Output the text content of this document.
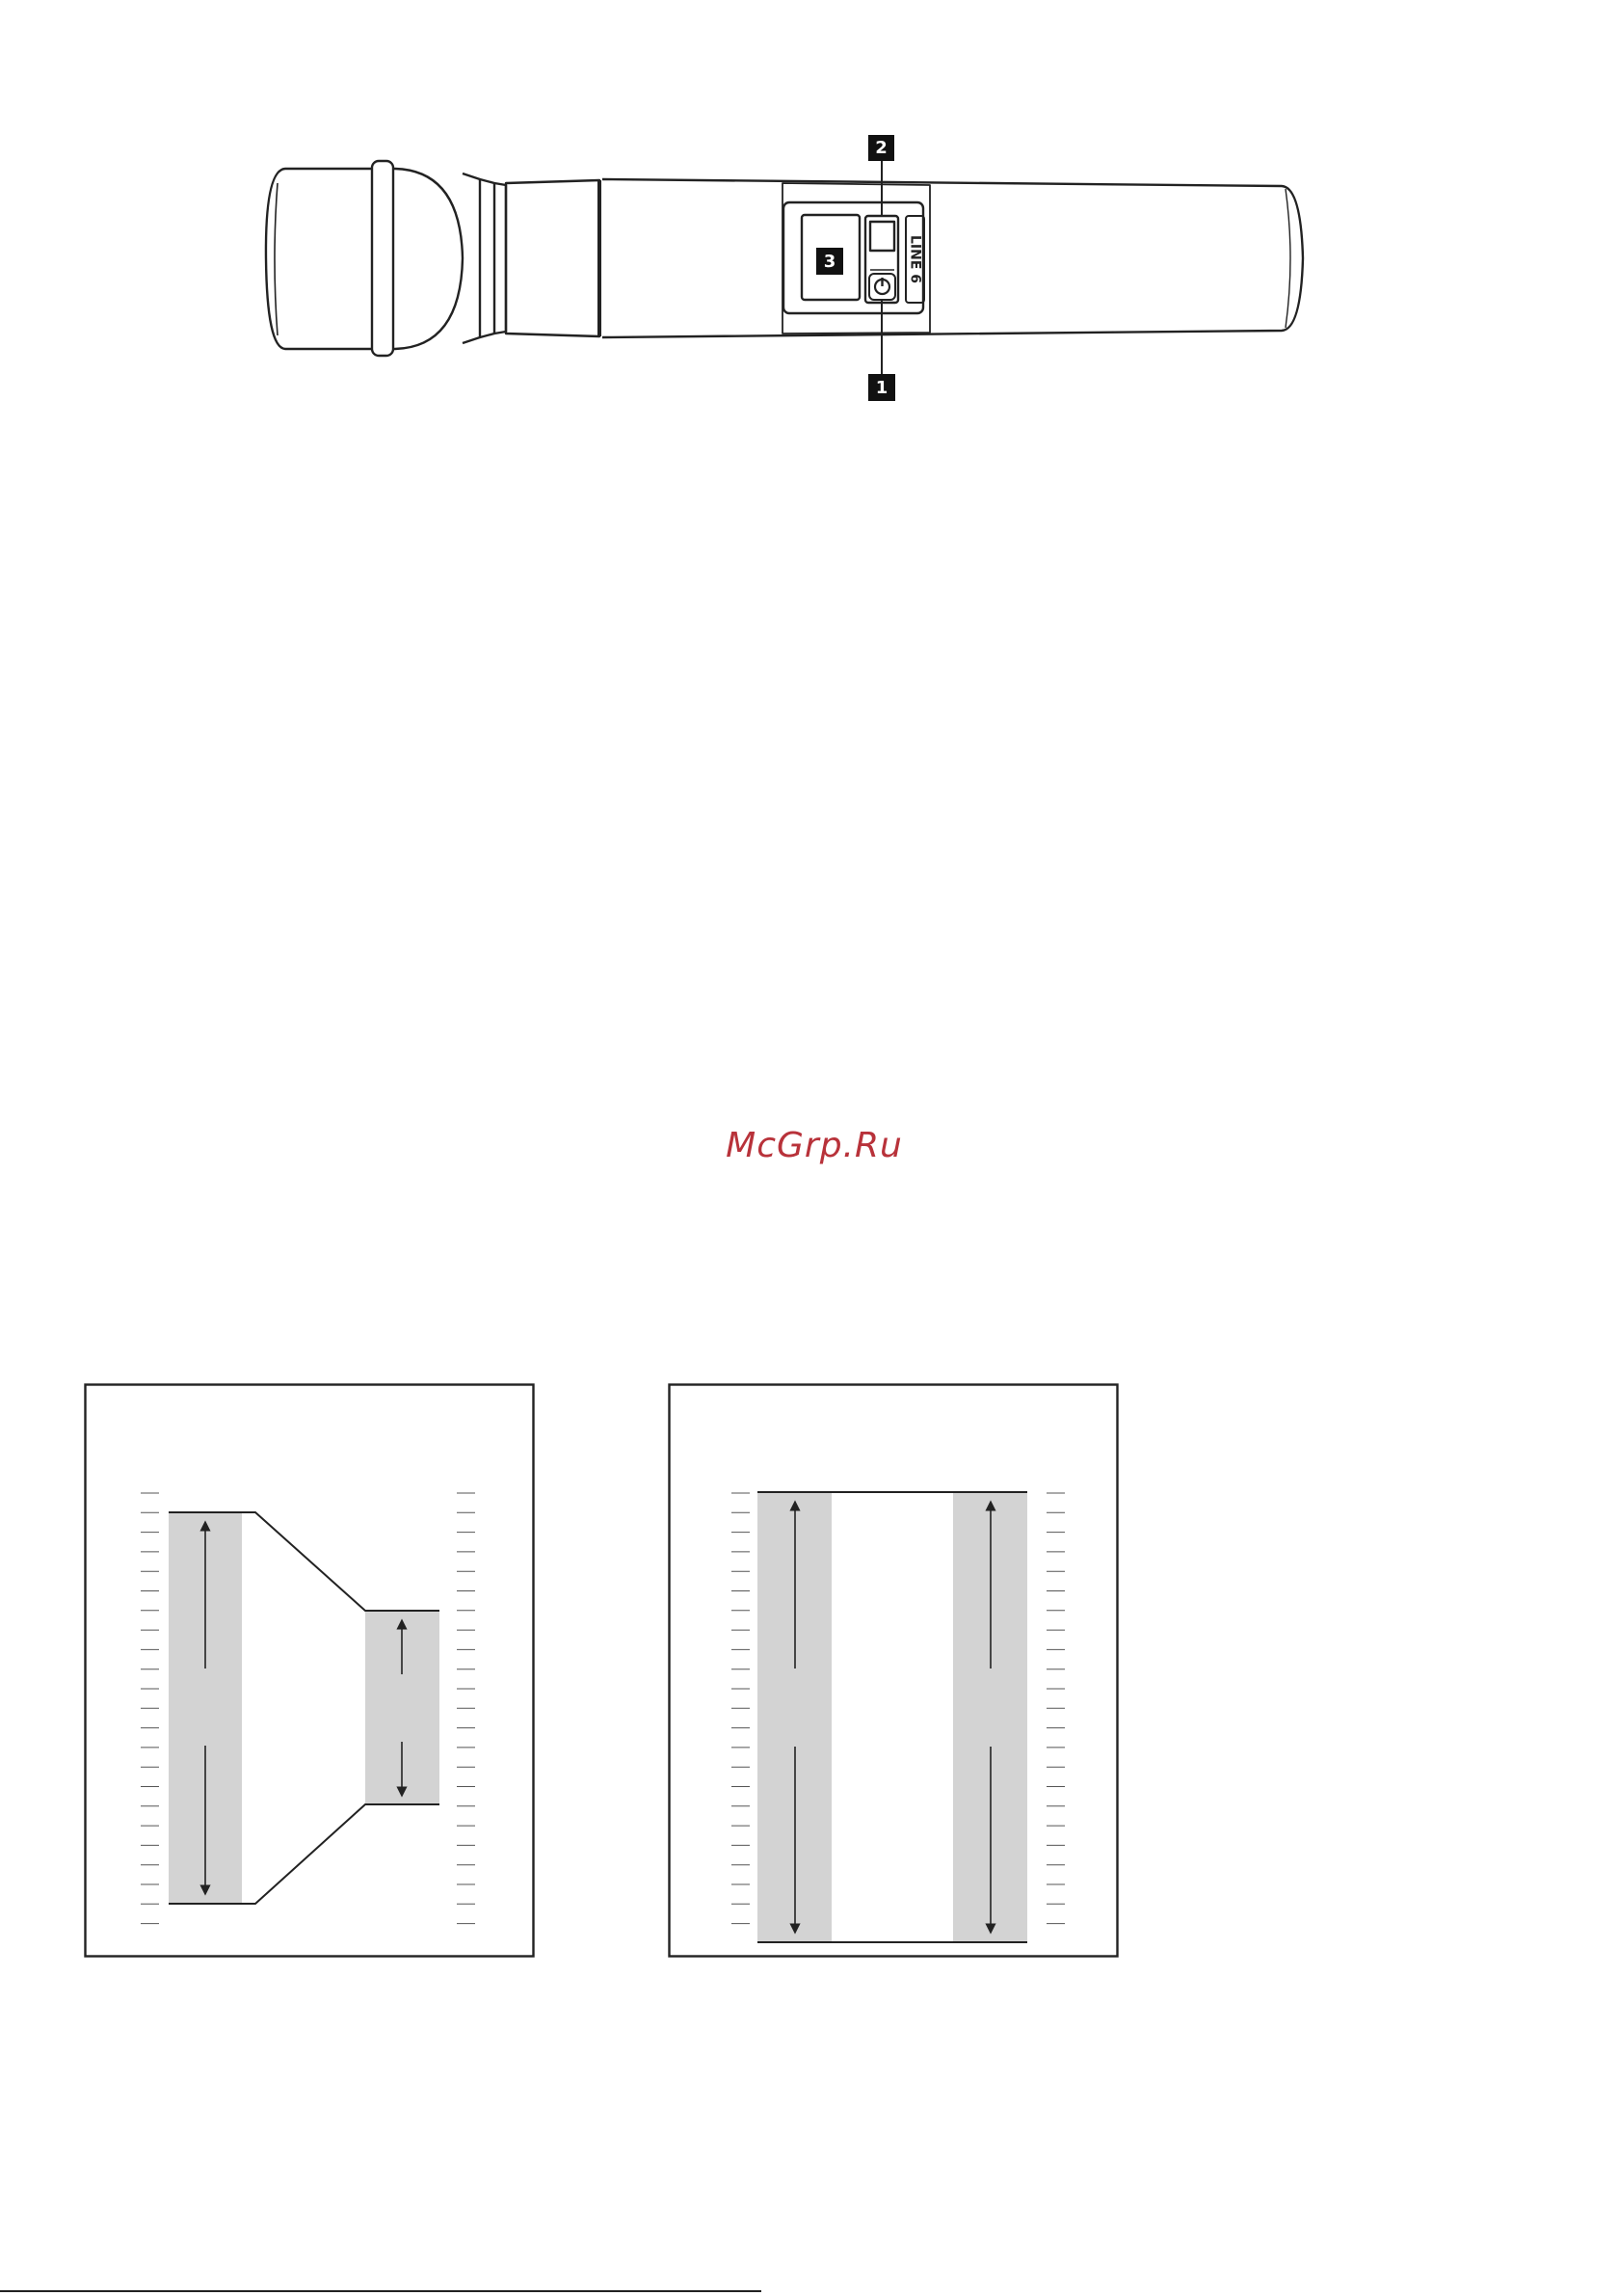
LINE 6
2
3
1
McGrp.Ru
